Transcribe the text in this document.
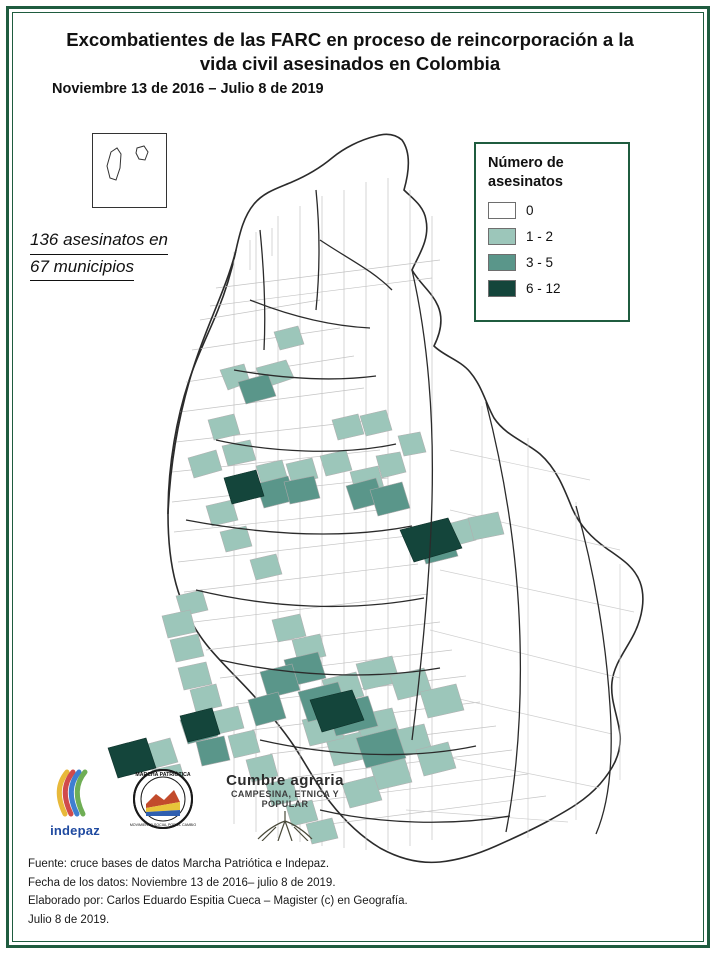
Excombatientes de las FARC en proceso de reincorporación a la
vida civil asesinados en Colombia
Noviembre 13 de 2016 – Julio 8 de 2019
136 asesinatos en
67 municipios
Número de
asesinatos
0
1 - 2
3 - 5
6 - 12
indepaz
MARCHA PATRIÓTICA
MOVIMIENTO SOCIAL POR EL CAMBIO
Cumbre agraria
CAMPESINA, ETNICA Y POPULAR
Fuente: cruce bases de datos Marcha Patriótica e Indepaz.
Fecha de los datos: Noviembre 13 de 2016– julio 8 de 2019.
Elaborado por: Carlos Eduardo Espitia Cueca – Magister (c) en Geografía.
Julio 8 de 2019.
